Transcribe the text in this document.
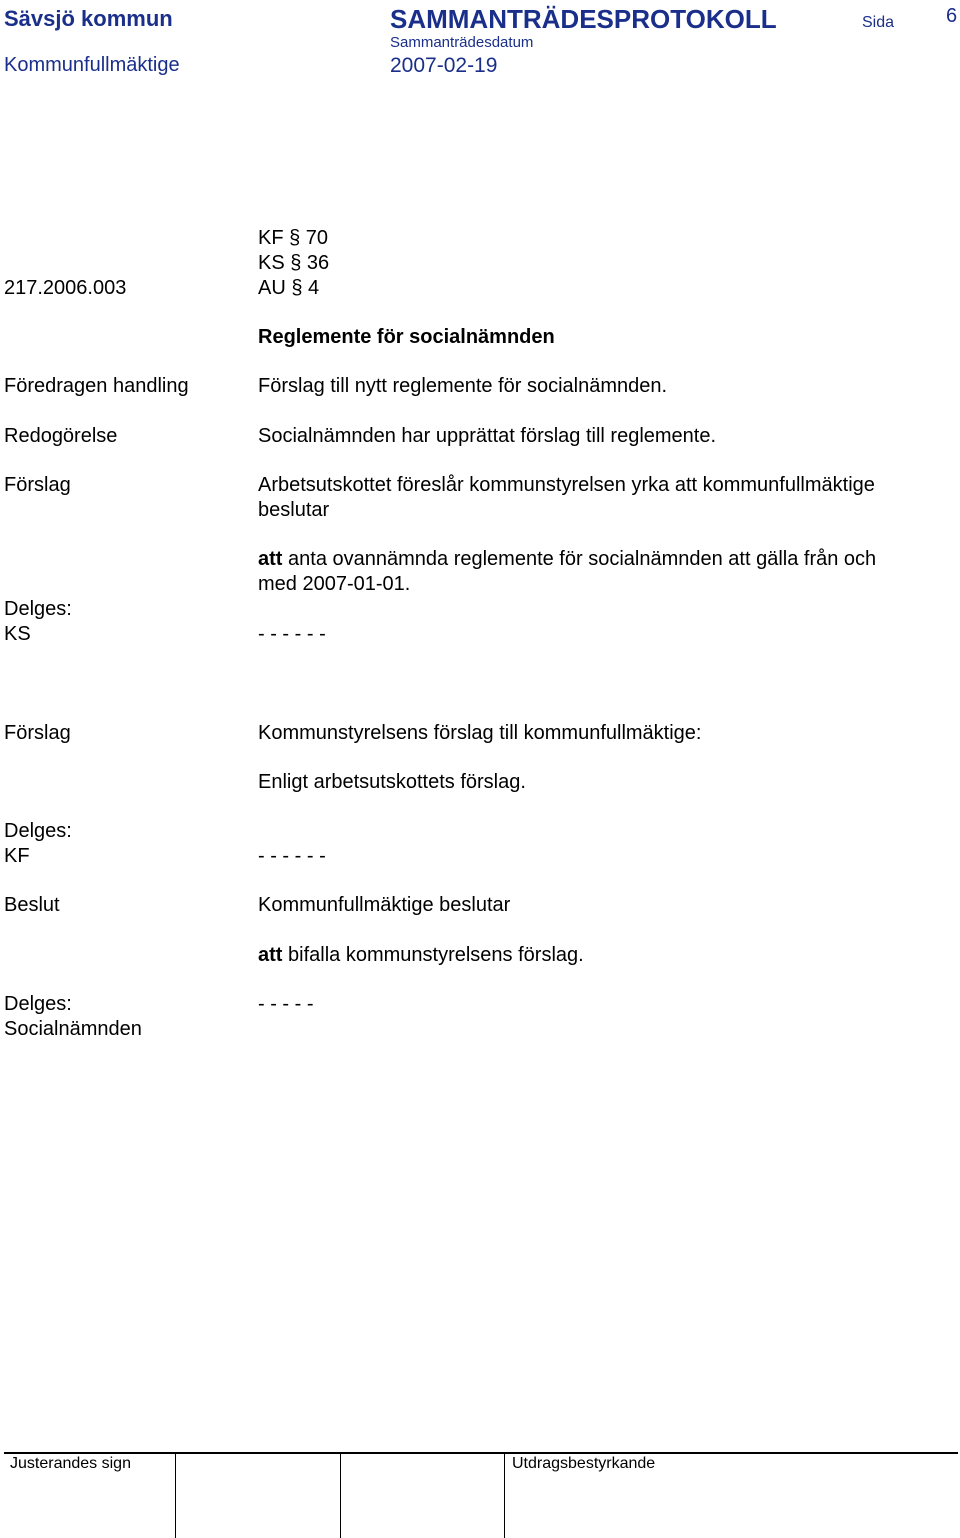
Sävsjö kommun	SAMMANTRÄDESPROTOKOLL	Sida	6
Sammanträdesdatum
Kommunfullmäktige	2007-02-19
KF § 70
KS § 36
217.2006.003	AU § 4
Reglemente för socialnämnden
Föredragen handling	Förslag till nytt reglemente för socialnämnden.
Redogörelse	Socialnämnden har upprättat förslag till reglemente.
Förslag	Arbetsutskottet föreslår kommunstyrelsen yrka att kommunfullmäktige
beslutar
att anta ovannämnda reglemente för socialnämnden att gälla från och
med 2007-01-01.
Delges:
KS	- - - - - -
Förslag	Kommunstyrelsens förslag till kommunfullmäktige:
Enligt arbetsutskottets förslag.
Delges:
KF	- - - - - -
Beslut	Kommunfullmäktige beslutar
att bifalla kommunstyrelsens förslag.
Delges:	- - - - -
Socialnämnden
Justerandes sign	Utdragsbestyrkande
